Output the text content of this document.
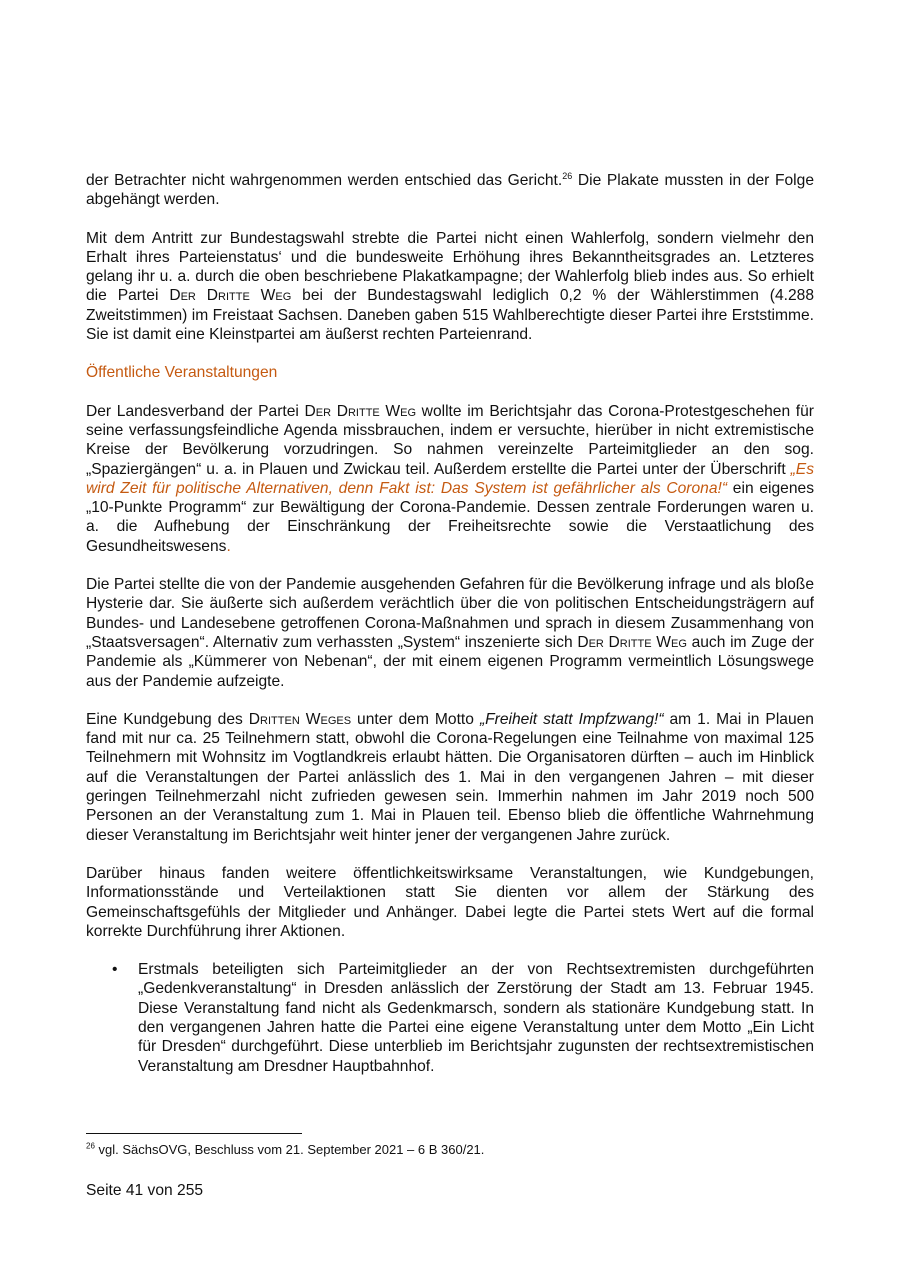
der Betrachter nicht wahrgenommen werden entschied das Gericht.$^{26}$ Die Plakate mussten in der Folge abgehängt werden.

Mit dem Antritt zur Bundestagswahl strebte die Partei nicht einen Wahlerfolg, sondern vielmehr den Erhalt ihres Parteienstatus‘ und die bundesweite Erhöhung ihres Bekanntheitsgrades an. Letzteres gelang ihr u. a. durch die oben beschriebene Plakatkampagne; der Wahlerfolg blieb indes aus. So erhielt die Partei Der Dritte Weg bei der Bundestagswahl lediglich 0,2 % der Wählerstimmen (4.288 Zweitstimmen) im Freistaat Sachsen. Daneben gaben 515 Wahlberechtigte dieser Partei ihre Erststimme. Sie ist damit eine Kleinstpartei am äußerst rechten Parteienrand.

Öffentliche Veranstaltungen

Der Landesverband der Partei Der Dritte Weg wollte im Berichtsjahr das Corona-Protestgeschehen für seine verfassungsfeindliche Agenda missbrauchen, indem er versuchte, hierüber in nicht extremistische Kreise der Bevölkerung vorzudringen. So nahmen vereinzelte Parteimitglieder an den sog. „Spaziergängen“ u. a. in Plauen und Zwickau teil. Außerdem erstellte die Partei unter der Überschrift „Es wird Zeit für politische Alternativen, denn Fakt ist: Das System ist gefährlicher als Corona!“ ein eigenes „10-Punkte Programm“ zur Bewältigung der Corona-Pandemie. Dessen zentrale Forderungen waren u. a. die Aufhebung der Einschränkung der Freiheitsrechte sowie die Verstaatlichung des Gesundheitswesens.

Die Partei stellte die von der Pandemie ausgehenden Gefahren für die Bevölkerung infrage und als bloße Hysterie dar. Sie äußerte sich außerdem verächtlich über die von politischen Entscheidungsträgern auf Bundes- und Landesebene getroffenen Corona-Maßnahmen und sprach in diesem Zusammenhang von „Staatsversagen“. Alternativ zum verhassten „System“ inszenierte sich Der Dritte Weg auch im Zuge der Pandemie als „Kümmerer von Nebenan“, der mit einem eigenen Programm vermeintlich Lösungswege aus der Pandemie aufzeigte.

Eine Kundgebung des Dritten Weges unter dem Motto „Freiheit statt Impfzwang!“ am 1. Mai in Plauen fand mit nur ca. 25 Teilnehmern statt, obwohl die Corona-Regelungen eine Teilnahme von maximal 125 Teilnehmern mit Wohnsitz im Vogtlandkreis erlaubt hätten. Die Organisatoren dürften – auch im Hinblick auf die Veranstaltungen der Partei anlässlich des 1. Mai in den vergangenen Jahren – mit dieser geringen Teilnehmerzahl nicht zufrieden gewesen sein. Immerhin nahmen im Jahr 2019 noch 500 Personen an der Veranstaltung zum 1. Mai in Plauen teil. Ebenso blieb die öffentliche Wahrnehmung dieser Veranstaltung im Berichtsjahr weit hinter jener der vergangenen Jahre zurück.

Darüber hinaus fanden weitere öffentlichkeitswirksame Veranstaltungen, wie Kundgebungen, Informationsstände und Verteilaktionen statt Sie dienten vor allem der Stärkung des Gemeinschaftsgefühls der Mitglieder und Anhänger. Dabei legte die Partei stets Wert auf die formal korrekte Durchführung ihrer Aktionen.

• Erstmals beteiligten sich Parteimitglieder an der von Rechtsextremisten durchgeführten „Gedenkveranstaltung“ in Dresden anlässlich der Zerstörung der Stadt am 13. Februar 1945. Diese Veranstaltung fand nicht als Gedenkmarsch, sondern als stationäre Kundgebung statt. In den vergangenen Jahren hatte die Partei eine eigene Veranstaltung unter dem Motto „Ein Licht für Dresden“ durchgeführt. Diese unterblieb im Berichtsjahr zugunsten der rechtsextremistischen Veranstaltung am Dresdner Hauptbahnhof.
$^{26}$ vgl. SächsOVG, Beschluss vom 21. September 2021 – 6 B 360/21.
Seite 41 von 255
